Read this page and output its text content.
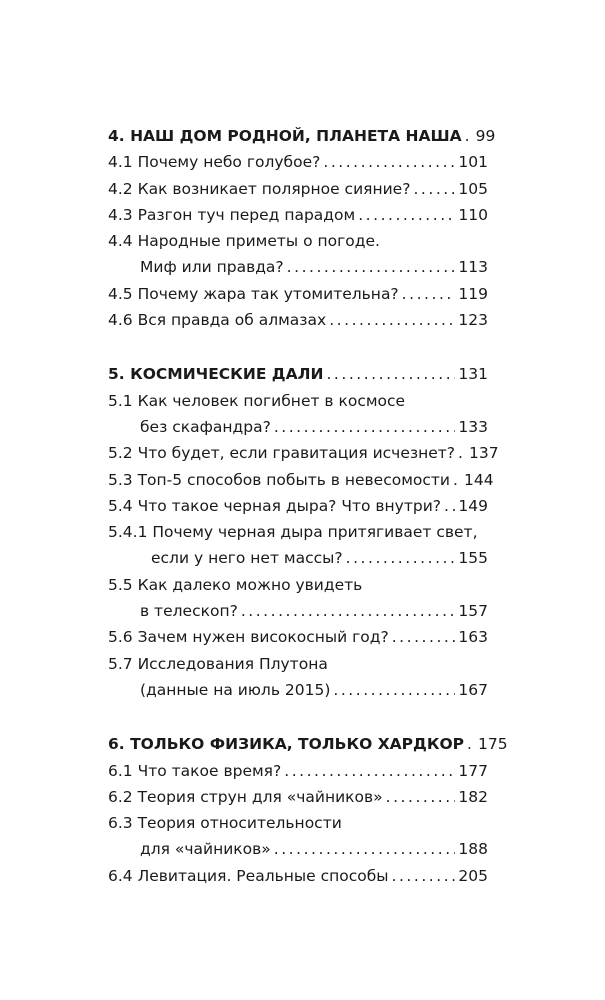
4. НАШ ДОМ РОДНОЙ, ПЛАНЕТА НАША . . . 99
4.1 Почему небо голубое? . . .	101
4.2 Как возникает полярное сияние? . . .	105
4.3 Разгон туч перед парадом . . .	110
4.4 Народные приметы о погоде.
Миф или правда? . . .	113
4.5 Почему жара так утомительна? . . .	119
4.6 Вся правда об алмазах . . .	123
5. КОСМИЧЕСКИЕ ДАЛИ . . .	131
5.1 Как человек погибнет в космосе
без скафандра? . . .	133
5.2 Что будет, если гравитация исчезнет? . . . 137
5.3 Топ-5 способов побыть в невесомости . . . 144
5.4 Что такое черная дыра? Что внутри? . . . 149
5.4.1 Почему черная дыра притягивает свет,
если у него нет массы? . . .	155
5.5 Как далеко можно увидеть
в телескоп? . . .	157
5.6 Зачем нужен високосный год? . . .	163
5.7 Исследования Плутона
(данные на июль 2015) . . .	167
6. ТОЛЬКО ФИЗИКА, ТОЛЬКО ХАРДКОР . . . 175
6.1 Что такое время? . . .	177
6.2 Теория струн для «чайников» . . .	182
6.3 Теория относительности
для «чайников» . . .	188
6.4 Левитация. Реальные способы . . .	205
